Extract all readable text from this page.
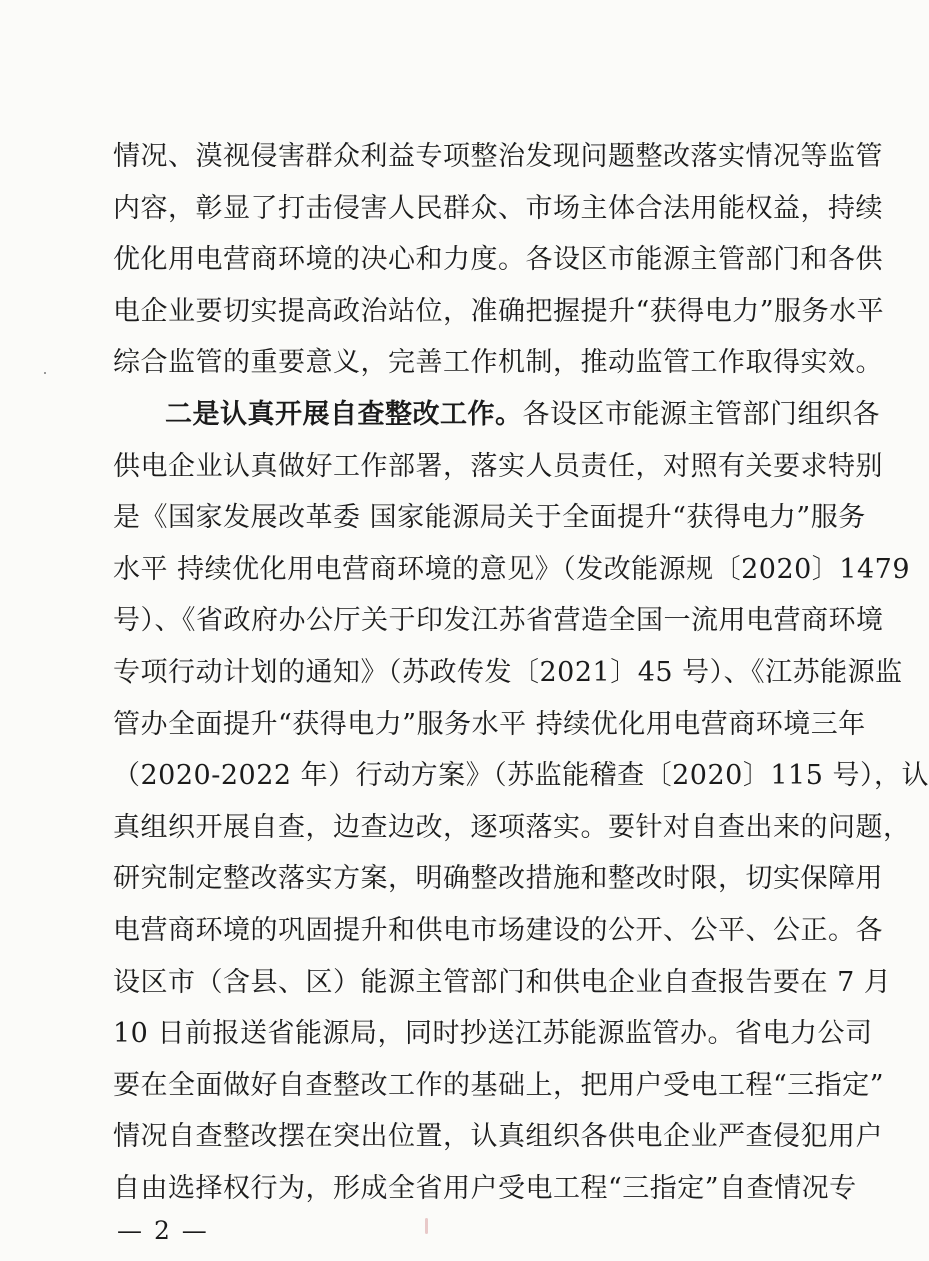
情况、漠视侵害群众利益专项整治发现问题整改落实情况等监管
内容，彰显了打击侵害人民群众、市场主体合法用能权益，持续
优化用电营商环境的决心和力度。各设区市能源主管部门和各供
电企业要切实提高政治站位，准确把握提升“获得电力”服务水平
综合监管的重要意义，完善工作机制，推动监管工作取得实效。
二是认真开展自查整改工作。各设区市能源主管部门组织各
供电企业认真做好工作部署，落实人员责任，对照有关要求特别
是《国家发展改革委 国家能源局关于全面提升“获得电力”服务
水平 持续优化用电营商环境的意见》（发改能源规〔2020〕1479
号）、《省政府办公厅关于印发江苏省营造全国一流用电营商环境
专项行动计划的通知》（苏政传发〔2021〕45 号）、《江苏能源监
管办全面提升“获得电力”服务水平 持续优化用电营商环境三年
（2020-2022 年）行动方案》（苏监能稽查〔2020〕115 号），认
真组织开展自查，边查边改，逐项落实。要针对自查出来的问题，
研究制定整改落实方案，明确整改措施和整改时限，切实保障用
电营商环境的巩固提升和供电市场建设的公开、公平、公正。各
设区市（含县、区）能源主管部门和供电企业自查报告要在 7 月
10 日前报送省能源局，同时抄送江苏能源监管办。省电力公司
要在全面做好自查整改工作的基础上，把用户受电工程“三指定”
— 2 —
情况自查整改摆在突出位置，认真组织各供电企业严查侵犯用户
自由选择权行为，形成全省用户受电工程“三指定”自查情况专
